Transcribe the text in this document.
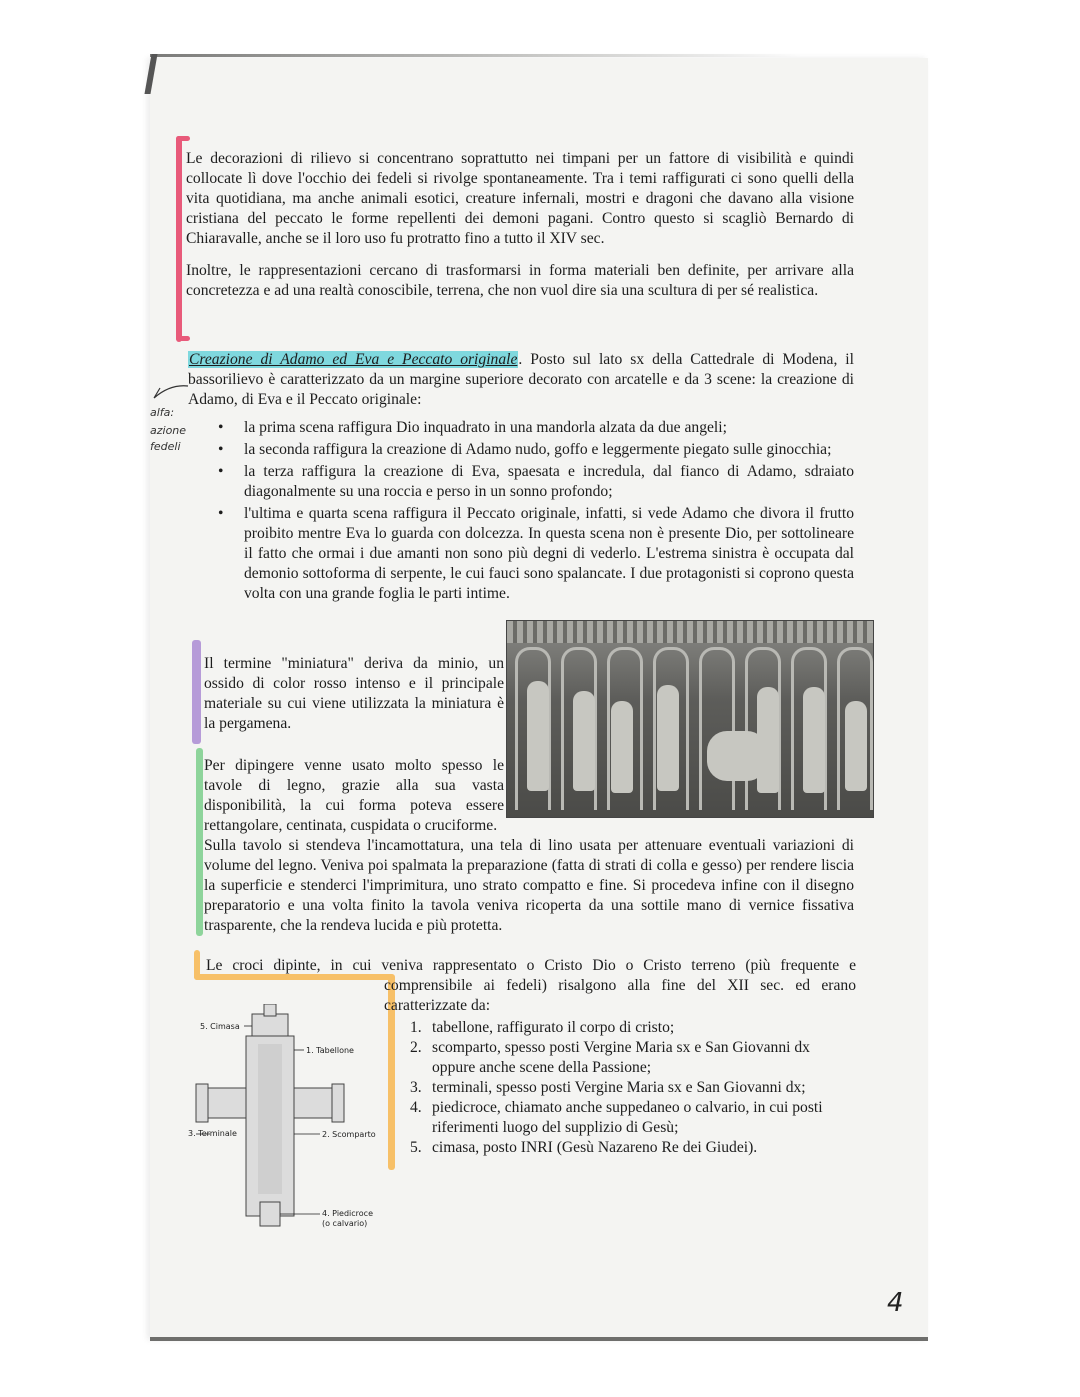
Le decorazioni di rilievo si concentrano soprattutto nei timpani per un fattore di visibilità e quindi collocate lì dove l'occhio dei fedeli si rivolge spontaneamente. Tra i temi raffigurati ci sono quelli della vita quotidiana, ma anche animali esotici, creature infernali, mostri e dragoni che davano alla visione cristiana del peccato le forme repellenti dei demoni pagani. Contro questo si scagliò Bernardo di Chiaravalle, anche se il loro uso fu protratto fino a tutto il XIV sec.
Inoltre, le rappresentazioni cercano di trasformarsi in forma materiali ben definite, per arrivare alla concretezza e ad una realtà conoscibile, terrena, che non vuol dire sia una scultura di per sé realistica.
Creazione di Adamo ed Eva e Peccato originale. Posto sul lato sx della Cattedrale di Modena, il bassorilievo è caratterizzato da un margine superiore decorato con arcatelle e da 3 scene: la creazione di Adamo, di Eva e il Peccato originale:
alfa:
azione
fedeli
• la prima scena raffigura Dio inquadrato in una mandorla alzata da due angeli;
• la seconda raffigura la creazione di Adamo nudo, goffo e leggermente piegato sulle ginocchia;
• la terza raffigura la creazione di Eva, spaesata e incredula, dal fianco di Adamo, sdraiato diagonalmente su una roccia e perso in un sonno profondo;
• l'ultima e quarta scena raffigura il Peccato originale, infatti, si vede Adamo che divora il frutto proibito mentre Eva lo guarda con dolcezza. In questa scena non è presente Dio, per sottolineare il fatto che ormai i due amanti non sono più degni di vederlo. L'estrema sinistra è occupata dal demonio sottoforma di serpente, le cui fauci sono spalancate. I due protagonisti si coprono questa volta con una grande foglia le parti intime.
Il termine "miniatura" deriva da minio, un ossido di color rosso intenso e il principale materiale su cui viene utilizzata la miniatura è la pergamena.
Per dipingere venne usato molto spesso le
tavole di legno, grazie alla sua vasta
disponibilità, la cui forma poteva essere
rettangolare, centinata, cuspidata o cruciforme.
Sulla tavolo si stendeva l'incamottatura, una tela di lino usata per attenuare eventuali variazioni di volume del legno. Veniva poi spalmata la preparazione (fatta di strati di colla e gesso) per rendere liscia la superficie e stenderci l'imprimitura, uno strato compatto e fine. Si procedeva infine con il disegno preparatorio e una volta finito la tavola veniva ricoperta da una sottile mano di vernice fissativa trasparente, che la rendeva lucida e più protetta.
Le croci dipinte, in cui veniva rappresentato o Cristo Dio o Cristo terreno (più frequente e
comprensibile ai fedeli) risalgono alla fine del XII sec. ed erano caratterizzate da:
1. tabellone, raffigurato il corpo di cristo;
2. scomparto, spesso posti Vergine Maria sx e San Giovanni dx oppure anche scene della Passione;
3. terminali, spesso posti Vergine Maria sx e San Giovanni dx;
4. piedicroce, chiamato anche suppedaneo o calvario, in cui posti riferimenti luogo del supplizio di Gesù;
5. cimasa, posto INRI (Gesù Nazareno Re dei Giudei).
5. Cimasa
1. Tabellone
3. Terminale	2. Scomparto
4. Piedicroce
(o calvario)
4
